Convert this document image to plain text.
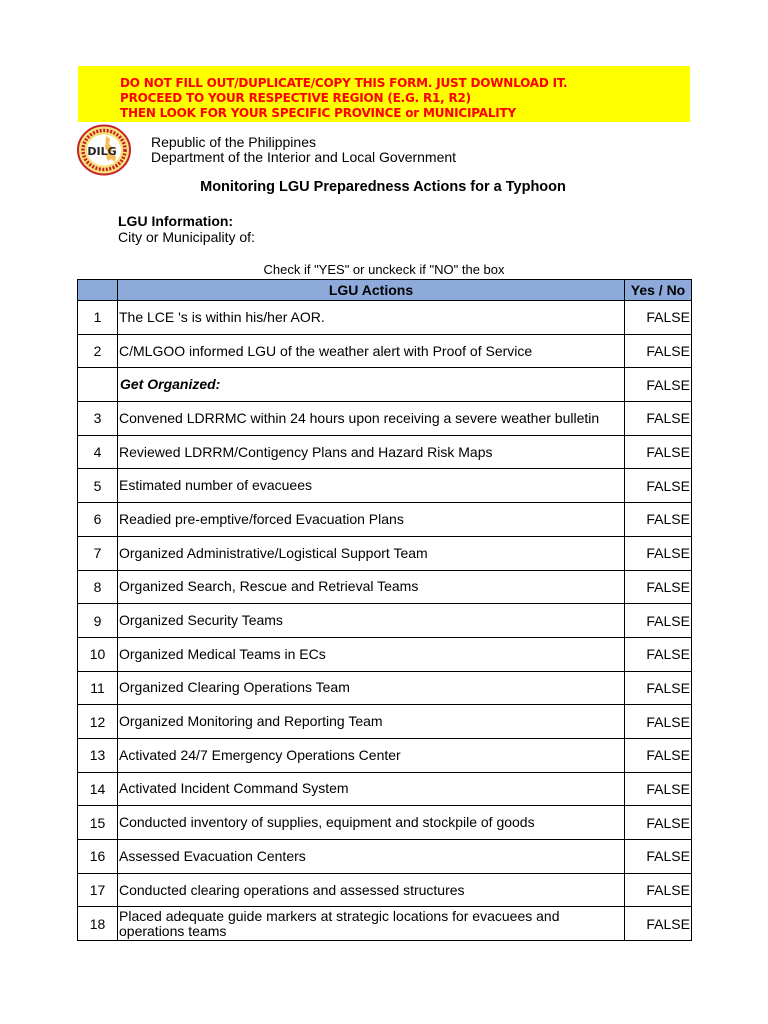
DO NOT FILL OUT/DUPLICATE/COPY THIS FORM. JUST DOWNLOAD IT.
PROCEED TO YOUR RESPECTIVE REGION (E.G. R1, R2)
THEN LOOK FOR YOUR SPECIFIC PROVINCE or MUNICIPALITY
DILG
Republic of the Philippines
Department of the Interior and Local Government
Monitoring LGU Preparedness Actions for a Typhoon
LGU Information:
City or Municipality of:
Check if "YES" or unckeck if "NO" the box
	LGU Actions	Yes / No
1	The LCE 's is within his/her AOR.	FALSE
2	C/MLGOO informed LGU of the weather alert with Proof of Service	FALSE
	Get Organized:	FALSE
3	Convened LDRRMC within 24 hours upon receiving a severe weather bulletin	FALSE
4	Reviewed LDRRM/Contigency Plans and Hazard Risk Maps	FALSE
5	Estimated number of evacuees	FALSE
6	Readied pre-emptive/forced Evacuation Plans	FALSE
7	Organized Administrative/Logistical Support Team	FALSE
8	Organized Search, Rescue and Retrieval Teams	FALSE
9	Organized Security Teams	FALSE
10	Organized Medical Teams in ECs	FALSE
11	Organized Clearing Operations Team	FALSE
12	Organized Monitoring and Reporting Team	FALSE
13	Activated 24/7 Emergency Operations Center	FALSE
14	Activated Incident Command System	FALSE
15	Conducted inventory of supplies, equipment and stockpile of goods	FALSE
16	Assessed Evacuation Centers	FALSE
17	Conducted clearing operations and assessed structures	FALSE
18	Placed adequate guide markers at strategic locations for evacuees and operations teams	FALSE
